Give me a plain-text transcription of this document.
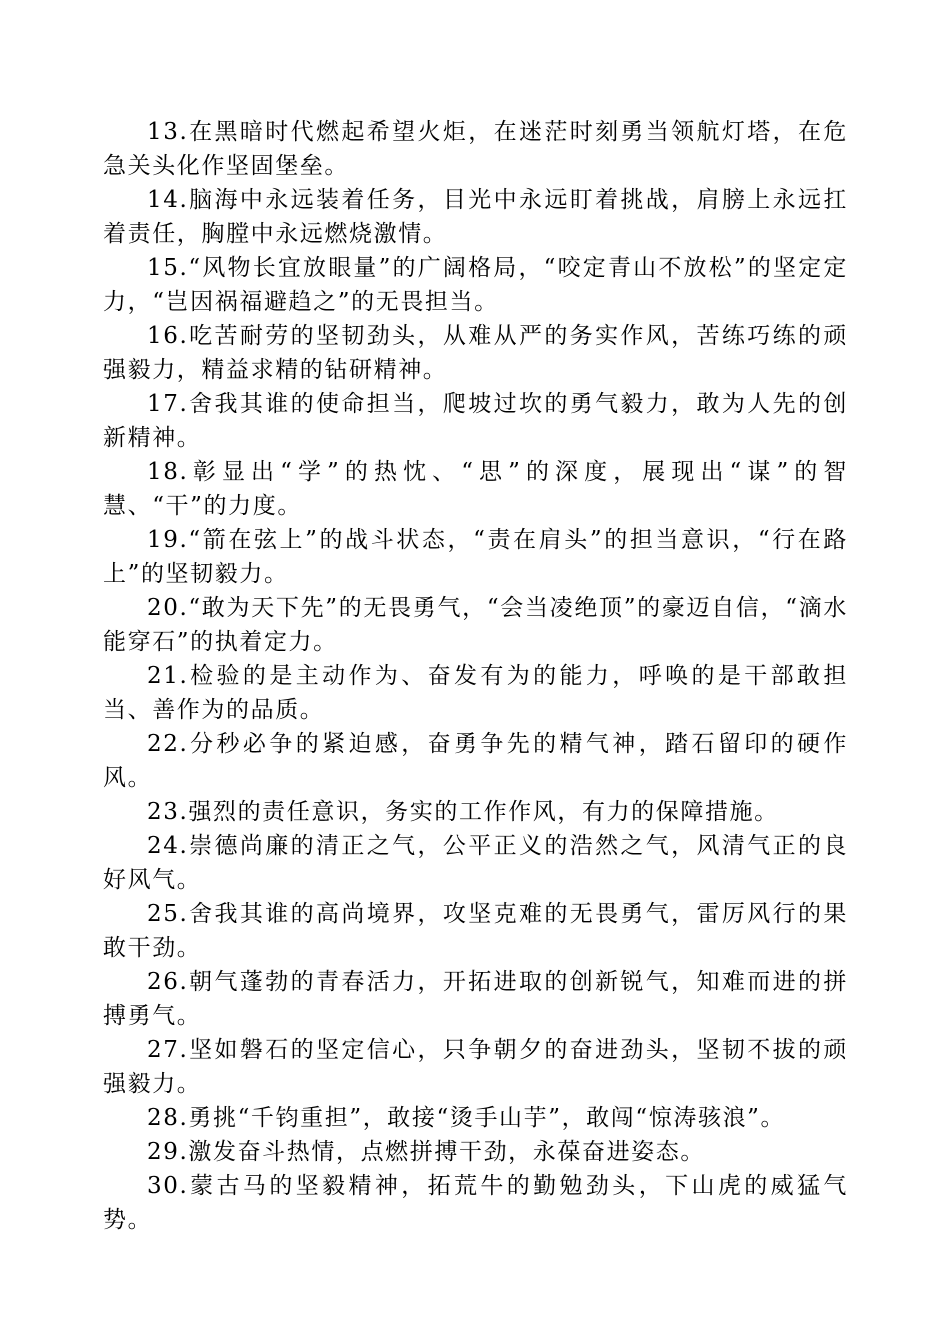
13.在黑暗时代燃起希望火炬，在迷茫时刻勇当领航灯塔，在危急关头化作坚固堡垒。

14.脑海中永远装着任务，目光中永远盯着挑战，肩膀上永远扛着责任，胸膛中永远燃烧激情。

15.“风物长宜放眼量”的广阔格局，“咬定青山不放松”的坚定定力，“岂因祸福避趋之”的无畏担当。

16.吃苦耐劳的坚韧劲头，从难从严的务实作风，苦练巧练的顽强毅力，精益求精的钻研精神。

17.舍我其谁的使命担当，爬坡过坎的勇气毅力，敢为人先的创新精神。

18.彰显出“学”的热忱、“思”的深度，展现出“谋”的智慧、“干”的力度。

19.“箭在弦上”的战斗状态，“责在肩头”的担当意识，“行在路上”的坚韧毅力。

20.“敢为天下先”的无畏勇气，“会当凌绝顶”的豪迈自信，“滴水能穿石”的执着定力。

21.检验的是主动作为、奋发有为的能力，呼唤的是干部敢担当、善作为的品质。

22.分秒必争的紧迫感，奋勇争先的精气神，踏石留印的硬作风。

23.强烈的责任意识，务实的工作作风，有力的保障措施。

24.崇德尚廉的清正之气，公平正义的浩然之气，风清气正的良好风气。

25.舍我其谁的高尚境界，攻坚克难的无畏勇气，雷厉风行的果敢干劲。

26.朝气蓬勃的青春活力，开拓进取的创新锐气，知难而进的拼搏勇气。

27.坚如磐石的坚定信心，只争朝夕的奋进劲头，坚韧不拔的顽强毅力。

28.勇挑“千钧重担”，敢接“烫手山芋”，敢闯“惊涛骇浪”。

29.激发奋斗热情，点燃拼搏干劲，永葆奋进姿态。

30.蒙古马的坚毅精神，拓荒牛的勤勉劲头，下山虎的威猛气势。
